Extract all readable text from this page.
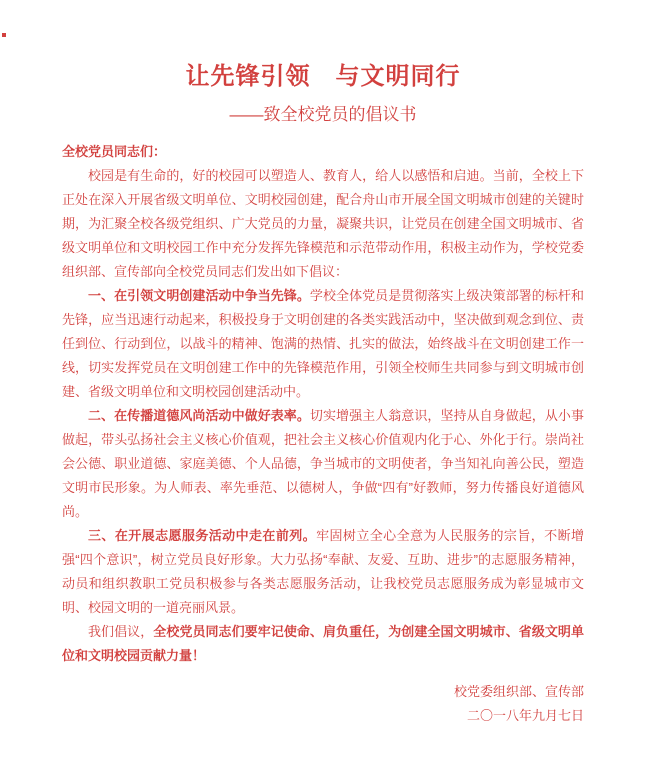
让先锋引领　与文明同行
——致全校党员的倡议书

全校党员同志们：

校园是有生命的，好的校园可以塑造人、教育人，给人以感悟和启迪。当前，全校上下正处在深入开展省级文明单位、文明校园创建，配合舟山市开展全国文明城市创建的关键时期，为汇聚全校各级党组织、广大党员的力量，凝聚共识，让党员在创建全国文明城市、省级文明单位和文明校园工作中充分发挥先锋模范和示范带动作用，积极主动作为，学校党委组织部、宣传部向全校党员同志们发出如下倡议：

一、在引领文明创建活动中争当先锋。学校全体党员是贯彻落实上级决策部署的标杆和先锋，应当迅速行动起来，积极投身于文明创建的各类实践活动中，坚决做到观念到位、责任到位、行动到位，以战斗的精神、饱满的热情、扎实的做法，始终战斗在文明创建工作一线，切实发挥党员在文明创建工作中的先锋模范作用，引领全校师生共同参与到文明城市创建、省级文明单位和文明校园创建活动中。

二、在传播道德风尚活动中做好表率。切实增强主人翁意识，坚持从自身做起，从小事做起，带头弘扬社会主义核心价值观，把社会主义核心价值观内化于心、外化于行。崇尚社会公德、职业道德、家庭美德、个人品德，争当城市的文明使者，争当知礼向善公民，塑造文明市民形象。为人师表、率先垂范、以德树人，争做“四有”好教师，努力传播良好道德风尚。

三、在开展志愿服务活动中走在前列。牢固树立全心全意为人民服务的宗旨，不断增强“四个意识”，树立党员良好形象。大力弘扬“奉献、友爱、互助、进步”的志愿服务精神，动员和组织教职工党员积极参与各类志愿服务活动，让我校党员志愿服务成为彰显城市文明、校园文明的一道亮丽风景。

我们倡议，全校党员同志们要牢记使命、肩负重任，为创建全国文明城市、省级文明单位和文明校园贡献力量！

校党委组织部、宣传部

二〇一八年九月七日
